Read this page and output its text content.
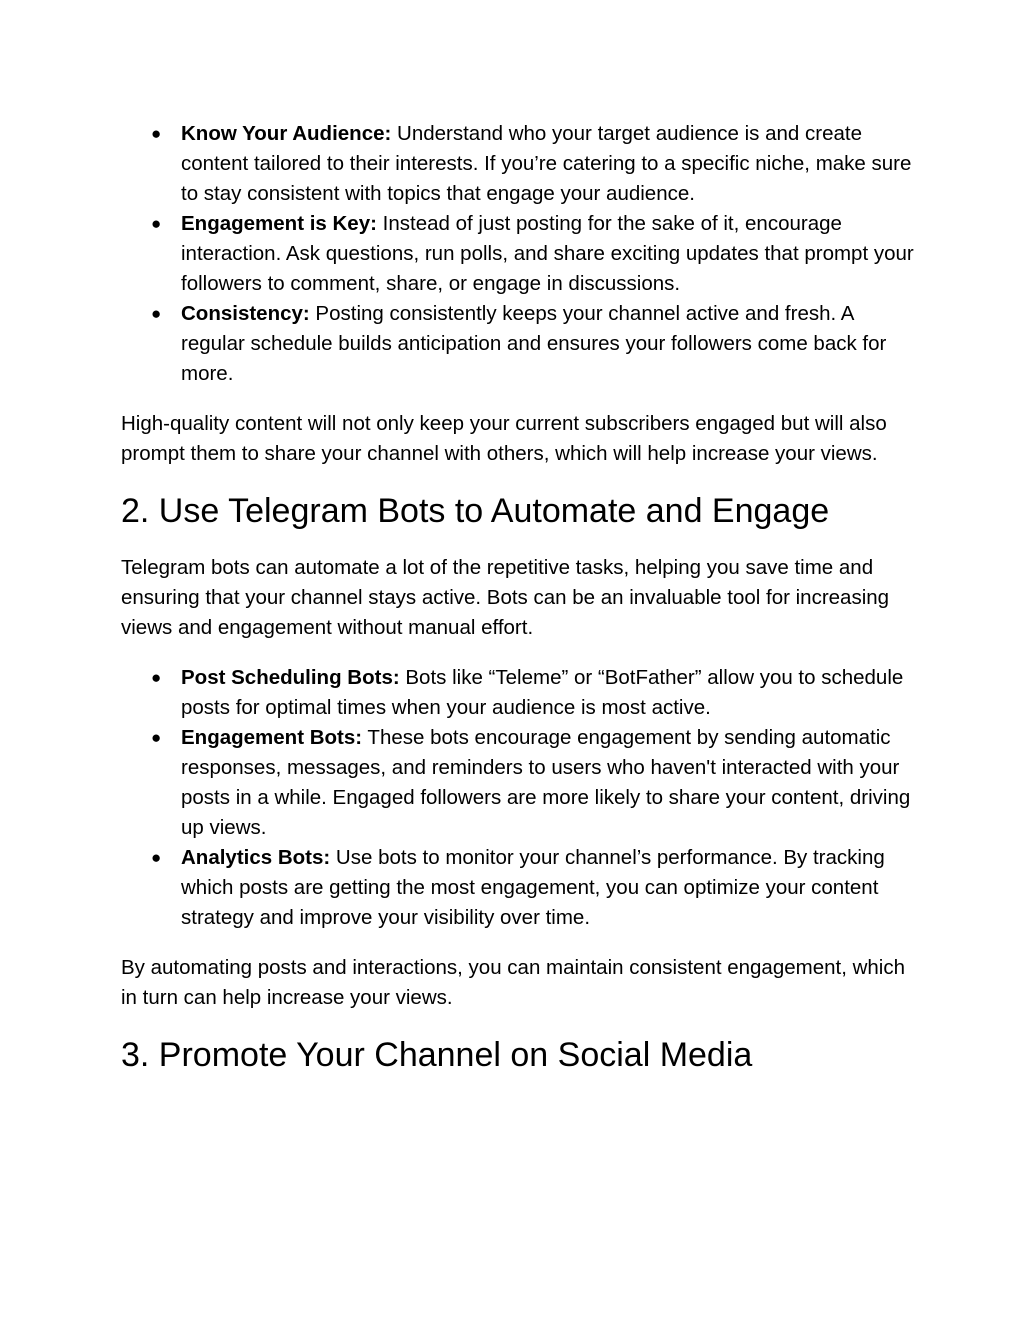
● Know Your Audience: Understand who your target audience is and create content tailored to their interests. If you’re catering to a specific niche, make sure to stay consistent with topics that engage your audience.
● Engagement is Key: Instead of just posting for the sake of it, encourage interaction. Ask questions, run polls, and share exciting updates that prompt your followers to comment, share, or engage in discussions.
● Consistency: Posting consistently keeps your channel active and fresh. A regular schedule builds anticipation and ensures your followers come back for more.

High-quality content will not only keep your current subscribers engaged but will also prompt them to share your channel with others, which will help increase your views.

2. Use Telegram Bots to Automate and Engage

Telegram bots can automate a lot of the repetitive tasks, helping you save time and ensuring that your channel stays active. Bots can be an invaluable tool for increasing views and engagement without manual effort.

● Post Scheduling Bots: Bots like “Teleme” or “BotFather” allow you to schedule posts for optimal times when your audience is most active.
● Engagement Bots: These bots encourage engagement by sending automatic responses, messages, and reminders to users who haven't interacted with your posts in a while. Engaged followers are more likely to share your content, driving up views.
● Analytics Bots: Use bots to monitor your channel’s performance. By tracking which posts are getting the most engagement, you can optimize your content strategy and improve your visibility over time.

By automating posts and interactions, you can maintain consistent engagement, which in turn can help increase your views.

3. Promote Your Channel on Social Media
